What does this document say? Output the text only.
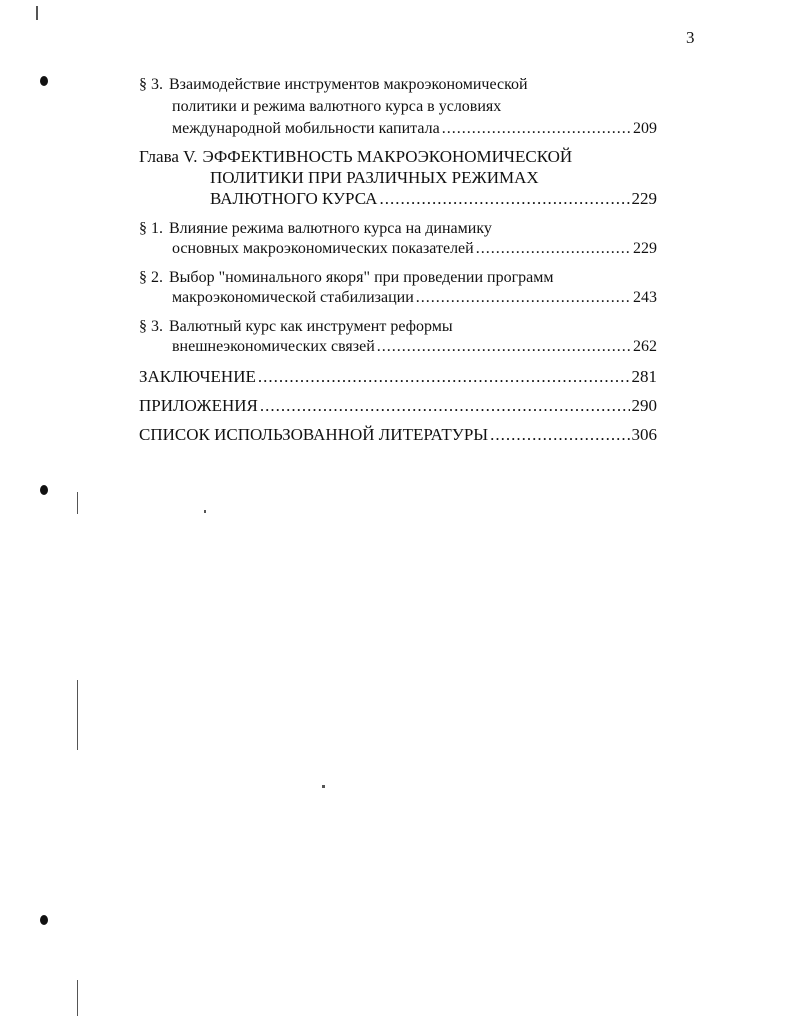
3
§ 3. Взаимодействие инструментов макроэкономической
политики и режима валютного курса в условиях
международной мобильности капитала .....	209
Глава V. ЭФФЕКТИВНОСТЬ МАКРОЭКОНОМИЧЕСКОЙ
ПОЛИТИКИ ПРИ РАЗЛИЧНЫХ РЕЖИМАХ
ВАЛЮТНОГО КУРСА .....	229
§ 1. Влияние режима валютного курса на динамику
основных макроэкономических показателей .....	229
§ 2. Выбор "номинального якоря" при проведении программ
макроэкономической стабилизации .....	243
§ 3. Валютный курс как инструмент реформы
внешнеэкономических связей .....	262
ЗАКЛЮЧЕНИЕ .....	281
ПРИЛОЖЕНИЯ .....	290
СПИСОК ИСПОЛЬЗОВАННОЙ ЛИТЕРАТУРЫ .....	306
